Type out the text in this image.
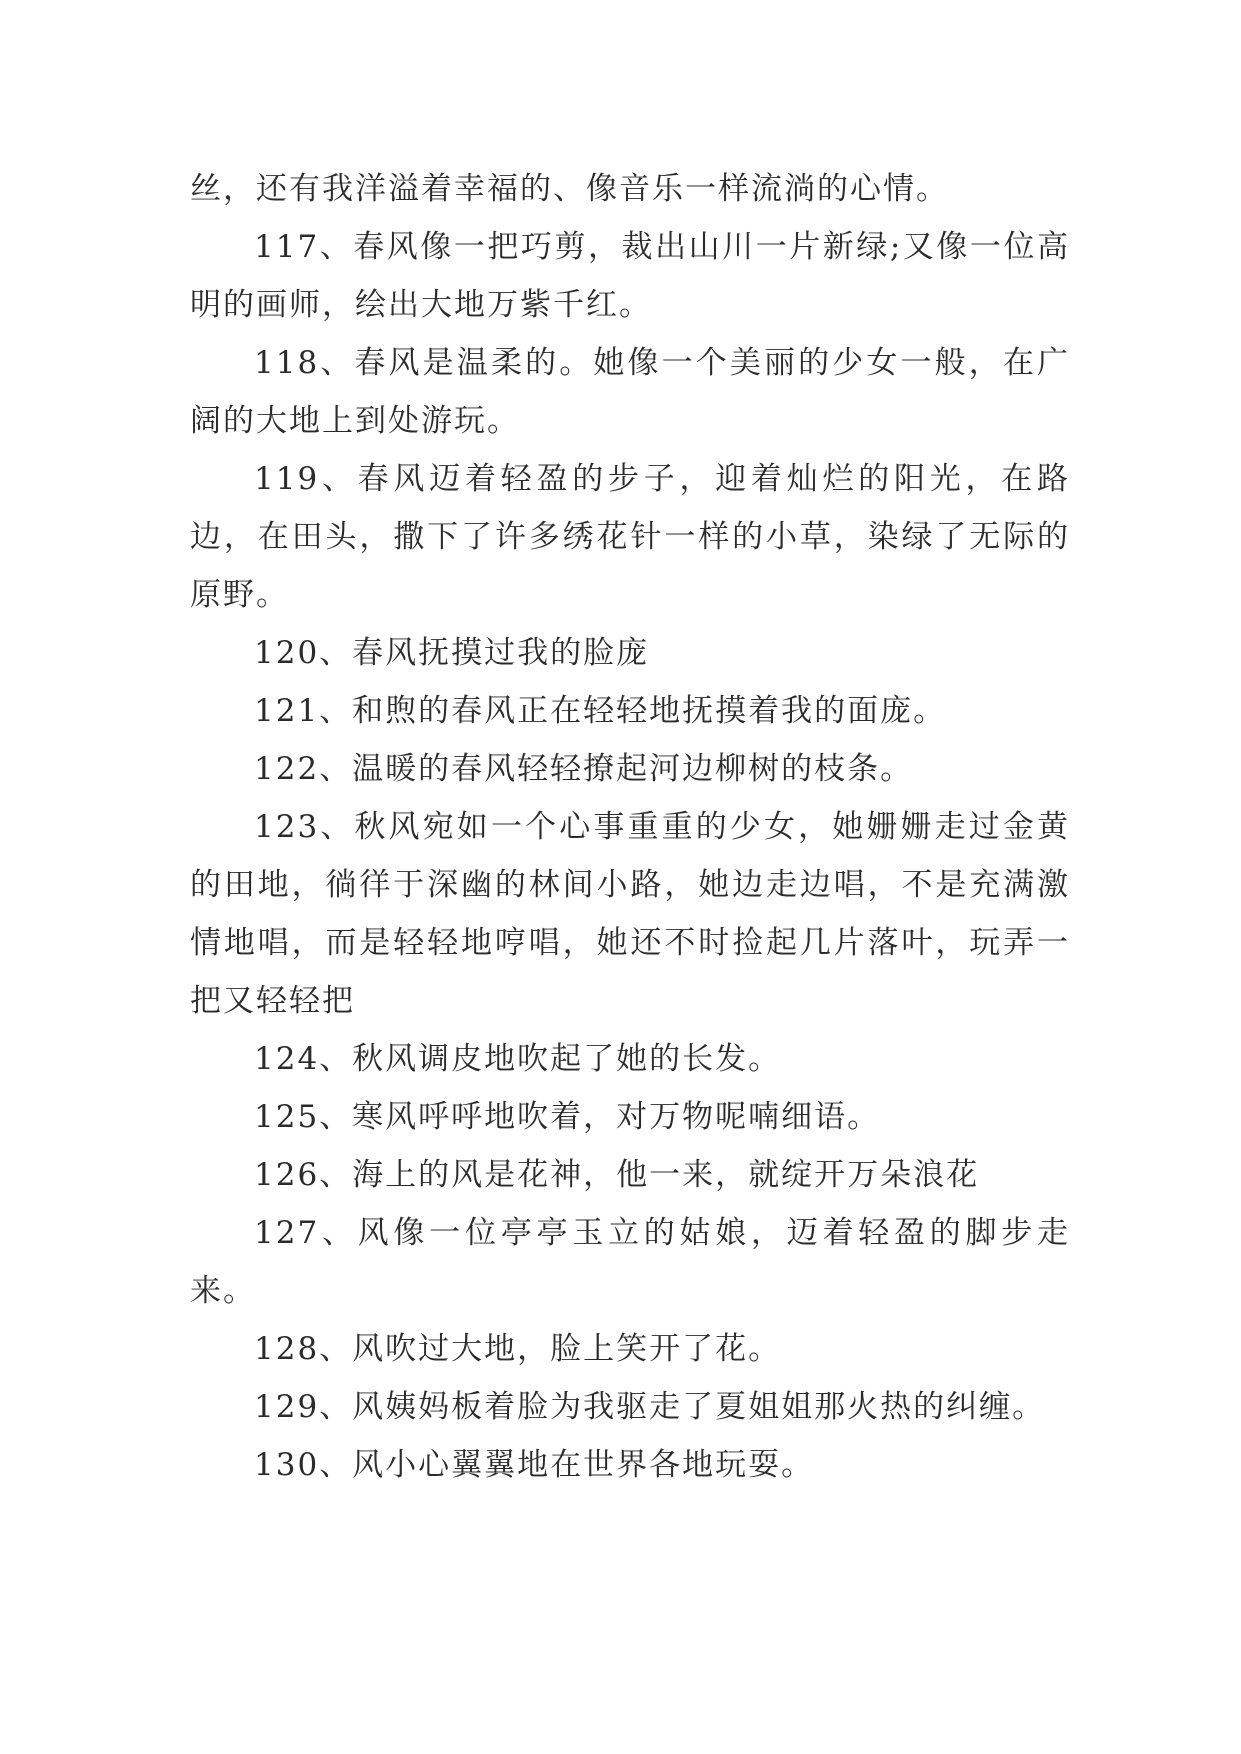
丝，还有我洋溢着幸福的、像音乐一样流淌的心情。

117、春风像一把巧剪，裁出山川一片新绿;又像一位高明的画师，绘出大地万紫千红。

118、春风是温柔的。她像一个美丽的少女一般，在广阔的大地上到处游玩。

119、春风迈着轻盈的步子，迎着灿烂的阳光，在路边，在田头，撒下了许多绣花针一样的小草，染绿了无际的原野。

120、春风抚摸过我的脸庞

121、和煦的春风正在轻轻地抚摸着我的面庞。

122、温暖的春风轻轻撩起河边柳树的枝条。

123、秋风宛如一个心事重重的少女，她姗姗走过金黄的田地，徜徉于深幽的林间小路，她边走边唱，不是充满激情地唱，而是轻轻地哼唱，她还不时捡起几片落叶，玩弄一把又轻轻把

124、秋风调皮地吹起了她的长发。

125、寒风呼呼地吹着，对万物呢喃细语。

126、海上的风是花神，他一来，就绽开万朵浪花

127、风像一位亭亭玉立的姑娘，迈着轻盈的脚步走来。

128、风吹过大地，脸上笑开了花。

129、风姨妈板着脸为我驱走了夏姐姐那火热的纠缠。

130、风小心翼翼地在世界各地玩耍。
